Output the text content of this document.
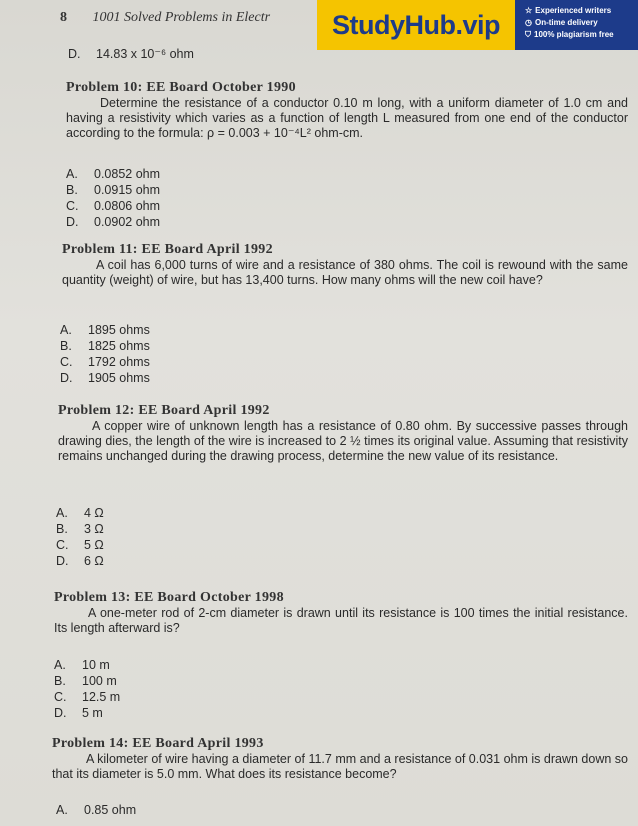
8 1001 Solved Problems in Electr	StudyHub.vip	☆ Experienced writers
◷ On-time delivery
⛉ 100% plagiarism free
D. 14.83 x 10⁻⁶ ohm
Problem 10: EE Board October 1990
Determine the resistance of a conductor 0.10 m long, with a uniform diameter of 1.0 cm and having a resistivity which varies as a function of length L measured from one end of the conductor according to the formula: ρ = 0.003 + 10⁻⁴L² ohm-cm.
A. 0.0852 ohm
B. 0.0915 ohm
C. 0.0806 ohm
D. 0.0902 ohm
Problem 11: EE Board April 1992
A coil has 6,000 turns of wire and a resistance of 380 ohms. The coil is rewound with the same quantity (weight) of wire, but has 13,400 turns. How many ohms will the new coil have?
A. 1895 ohms
B. 1825 ohms
C. 1792 ohms
D. 1905 ohms
Problem 12: EE Board April 1992
A copper wire of unknown length has a resistance of 0.80 ohm. By successive passes through drawing dies, the length of the wire is increased to 2 ½ times its original value. Assuming that resistivity remains unchanged during the drawing process, determine the new value of its resistance.
A. 4 Ω
B. 3 Ω
C. 5 Ω
D. 6 Ω
Problem 13: EE Board October 1998
A one-meter rod of 2-cm diameter is drawn until its resistance is 100 times the initial resistance. Its length afterward is?
A. 10 m
B. 100 m
C. 12.5 m
D. 5 m
Problem 14: EE Board April 1993
A kilometer of wire having a diameter of 11.7 mm and a resistance of 0.031 ohm is drawn down so that its diameter is 5.0 mm. What does its resistance become?
A. 0.85 ohm
